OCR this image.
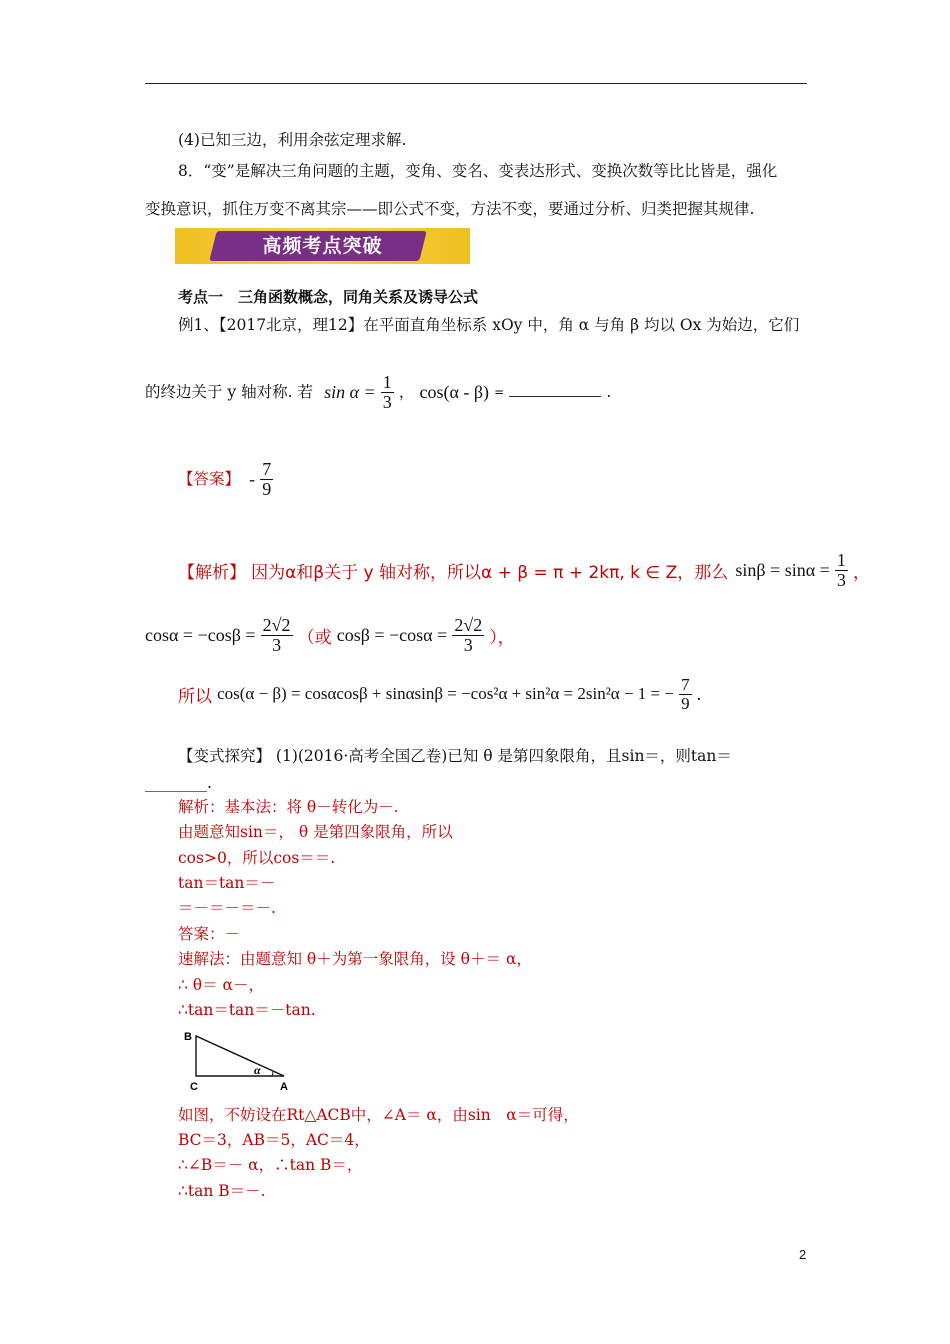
(4)已知三边，利用余弦定理求解.
8．“变”是解决三角问题的主题，变角、变名、变表达形式、变换次数等比比皆是，强化
变换意识，抓住万变不离其宗——即公式不变，方法不变，要通过分析、归类把握其规律.
高频考点突破
考点一　三角函数概念，同角关系及诱导公式
例1、【2017北京，理12】在平面直角坐标系 xOy 中，角 α 与角 β 均以 Ox 为始边，它们
的终边关于 y 轴对称. 若 $\sin \alpha = \frac{1}{3}$ ， cos(α - β) =	.
【答案】 - $\frac{7}{9}$
【解析】 因为α和β关于 y 轴对称，所以α + β = π + 2kπ, k ∈ Z，那么 $\sin\beta = \sin\alpha = \frac{1}{3}$ ，
$\cos\alpha = -\cos\beta = \frac{2√2}{3}$ （或 $\cos\beta = -\cos\alpha = \frac{2√2}{3}$ ），
所以 cos(α − β) = cosαcosβ + sinαsinβ = −cos²α + sin²α = 2sin²α − 1 = − $\frac{7}{9}$ .
【变式探究】 (1)(2016·高考全国乙卷)已知 θ 是第四象限角，且sin＝，则tan＝
________.
解析：基本法：将 θ－转化为－.
由题意知sin＝， θ 是第四象限角，所以
cos>0，所以cos＝＝.
tan＝tan＝－
＝－＝－＝－.
答案：－
速解法：由题意知 θ＋为第一象限角，设 θ＋＝ α，
∴ θ＝ α－，
∴tan＝tan＝－tan.
B
C	A
α
如图，不妨设在Rt△ACB中，∠A＝ α，由sin　α＝可得，
BC＝3，AB＝5，AC＝4，
∴∠B＝－ α，∴tan B＝，
∴tan B＝－.
2
